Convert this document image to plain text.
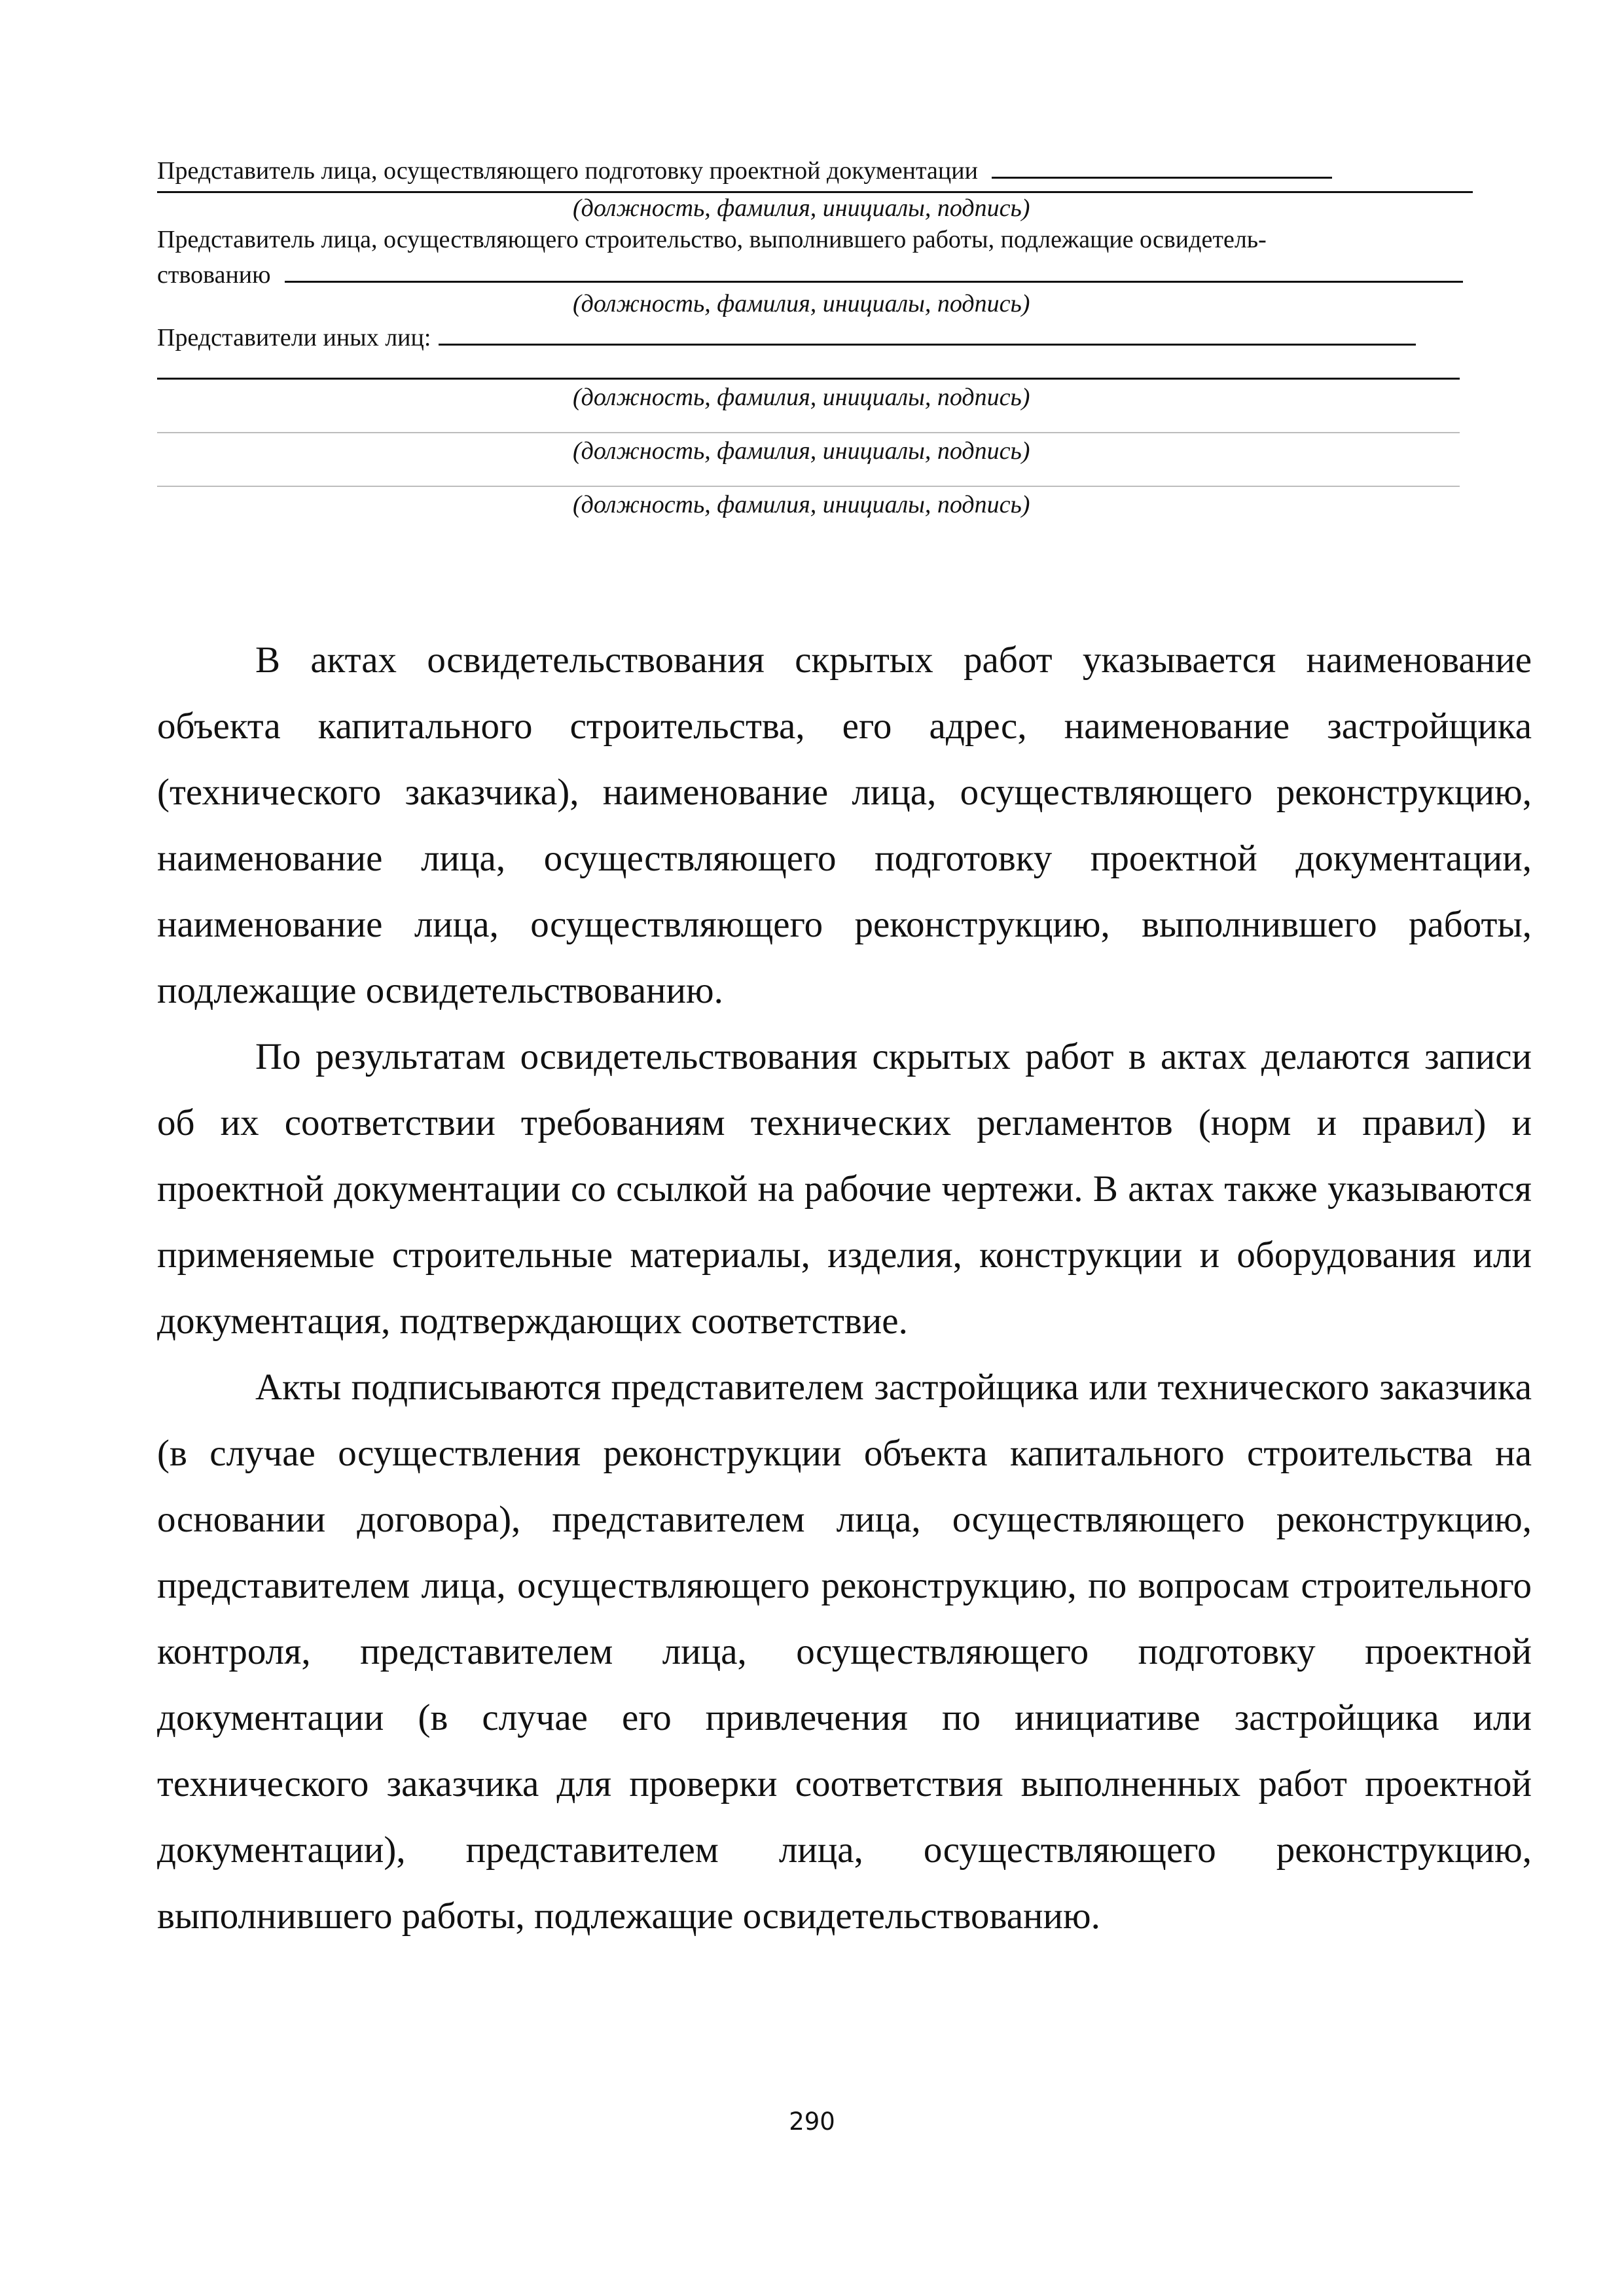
Представитель лица, осуществляющего подготовку проектной документации
(должность, фамилия, инициалы, подпись)
Представитель лица, осуществляющего строительство, выполнившего работы, подлежащие освидетель-
ствованию
(должность, фамилия, инициалы, подпись)
Представители иных лиц:
(должность, фамилия, инициалы, подпись)
(должность, фамилия, инициалы, подпись)
(должность, фамилия, инициалы, подпись)

В актах освидетельствования скрытых работ указывается наименование объекта капитального строительства, его адрес, наименование застройщика (технического заказчика), наименование лица, осуществляющего реконструкцию, наименование лица, осуществляющего подготовку проектной документации, наименование лица, осуществляющего реконструкцию, выполнившего работы, подлежащие освидетельствованию.

По результатам освидетельствования скрытых работ в актах делаются записи об их соответствии требованиям технических регламентов (норм и правил) и проектной документации со ссылкой на рабочие чертежи. В актах также указываются применяемые строительные материалы, изделия, конструкции и оборудования или документация, подтверждающих соответствие.

Акты подписываются представителем застройщика или технического заказчика (в случае осуществления реконструкции объекта капитального строительства на основании договора), представителем лица, осуществляющего реконструкцию, представителем лица, осуществляющего реконструкцию, по вопросам строительного контроля, представителем лица, осуществляющего подготовку проектной документации (в случае его привлечения по инициативе застройщика или технического заказчика для проверки соответствия выполненных работ проектной документации), представителем лица, осуществляющего реконструкцию, выполнившего работы, подлежащие освидетельствованию.

290
